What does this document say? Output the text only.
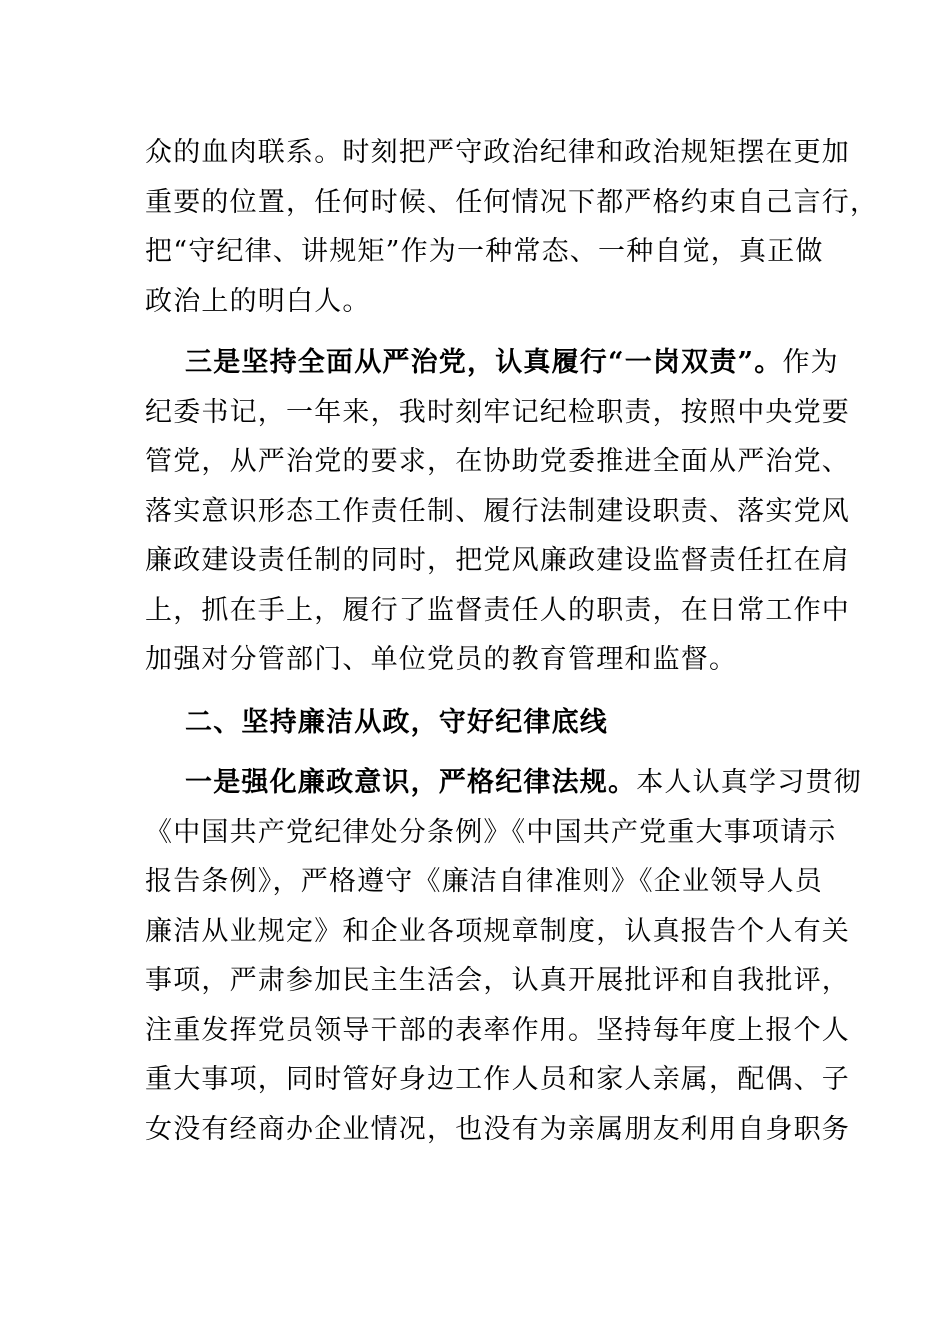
众的血肉联系。时刻把严守政治纪律和政治规矩摆在更加
重要的位置，任何时候、任何情况下都严格约束自己言行，
把“守纪律、讲规矩”作为一种常态、一种自觉，真正做
政治上的明白人。
三是坚持全面从严治党，认真履行“一岗双责”。作为
纪委书记，一年来，我时刻牢记纪检职责，按照中央党要
管党，从严治党的要求，在协助党委推进全面从严治党、
落实意识形态工作责任制、履行法制建设职责、落实党风
廉政建设责任制的同时，把党风廉政建设监督责任扛在肩
上，抓在手上，履行了监督责任人的职责，在日常工作中
加强对分管部门、单位党员的教育管理和监督。
二、坚持廉洁从政，守好纪律底线
一是强化廉政意识，严格纪律法规。本人认真学习贯彻
《中国共产党纪律处分条例》《中国共产党重大事项请示
报告条例》，严格遵守《廉洁自律准则》《企业领导人员
廉洁从业规定》和企业各项规章制度，认真报告个人有关
事项，严肃参加民主生活会，认真开展批评和自我批评，
注重发挥党员领导干部的表率作用。坚持每年度上报个人
重大事项，同时管好身边工作人员和家人亲属，配偶、子
女没有经商办企业情况，也没有为亲属朋友利用自身职务
